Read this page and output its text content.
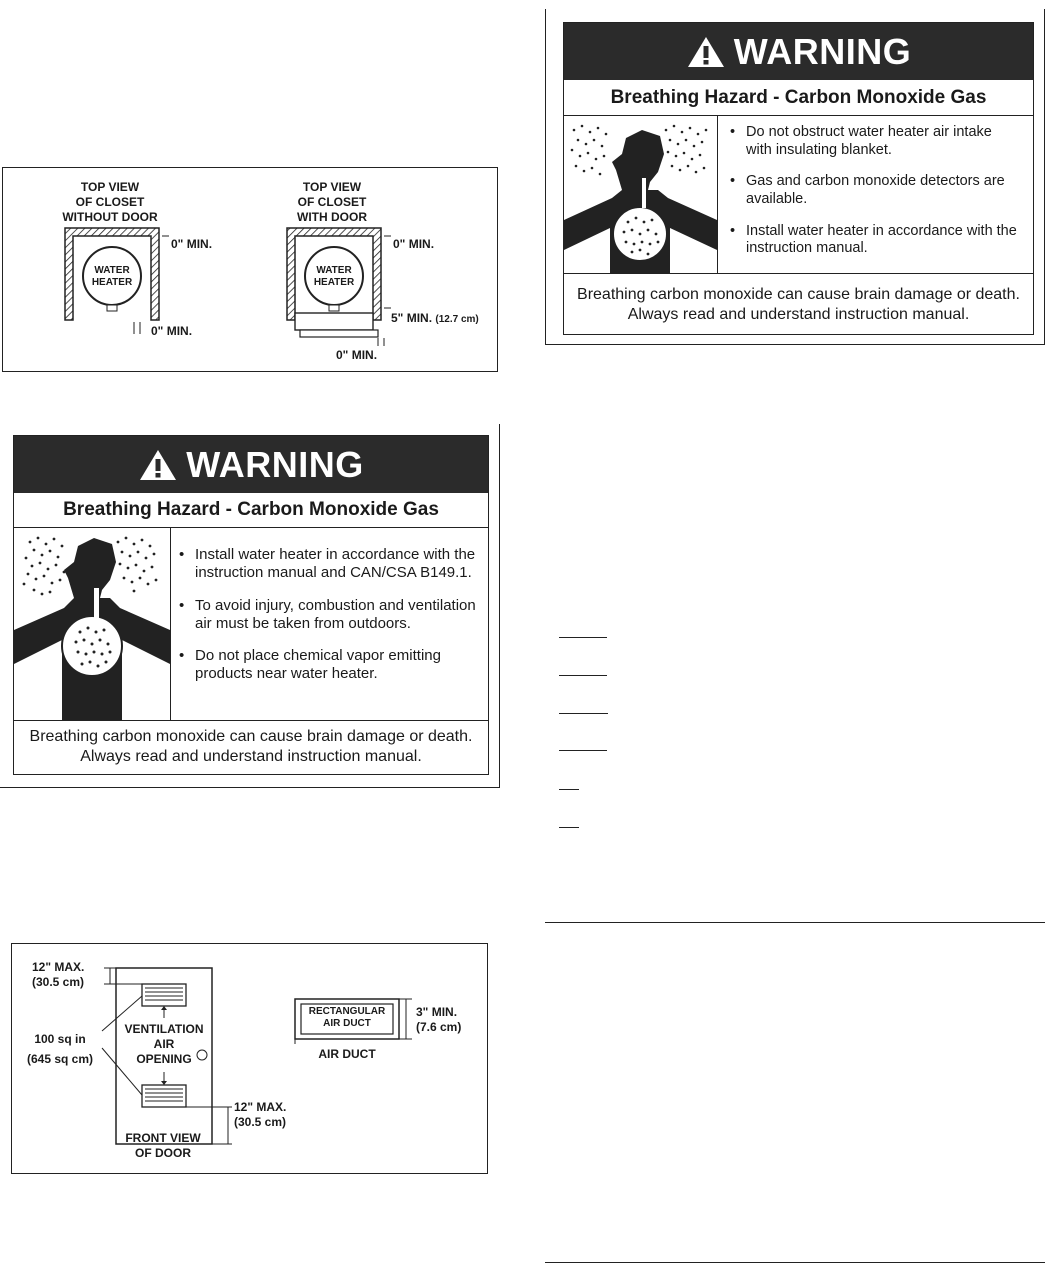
TOP VIEW
OF CLOSET
WITHOUT DOOR
TOP VIEW
OF CLOSET
WITH DOOR
WATER
HEATER
WATER
HEATER
0" MIN.
0" MIN.
0" MIN.
5" MIN. (12.7 cm)
0" MIN.
WARNING
Breathing Hazard - Carbon Monoxide Gas
• Install water heater in accordance with the instruction manual and CAN/CSA B149.1.
• To avoid injury, combustion and ventilation air must be taken from outdoors.
• Do not place chemical vapor emitting products near water heater.
Breathing carbon monoxide can cause brain damage or death. Always read and understand instruction manual.
12" MAX.
(30.5 cm)
100 sq in
(645 sq cm)
VENTILATION
AIR
OPENING
12" MAX.
(30.5 cm)
FRONT VIEW
OF DOOR
RECTANGULAR
AIR DUCT
3" MIN.
(7.6 cm)
AIR DUCT
WARNING
Breathing Hazard - Carbon Monoxide Gas
• Do not obstruct water heater air intake with insulating blanket.
• Gas and carbon monoxide detectors are available.
• Install water heater in accordance with the instruction manual.
Breathing carbon monoxide can cause brain damage or death. Always read and understand instruction manual.
